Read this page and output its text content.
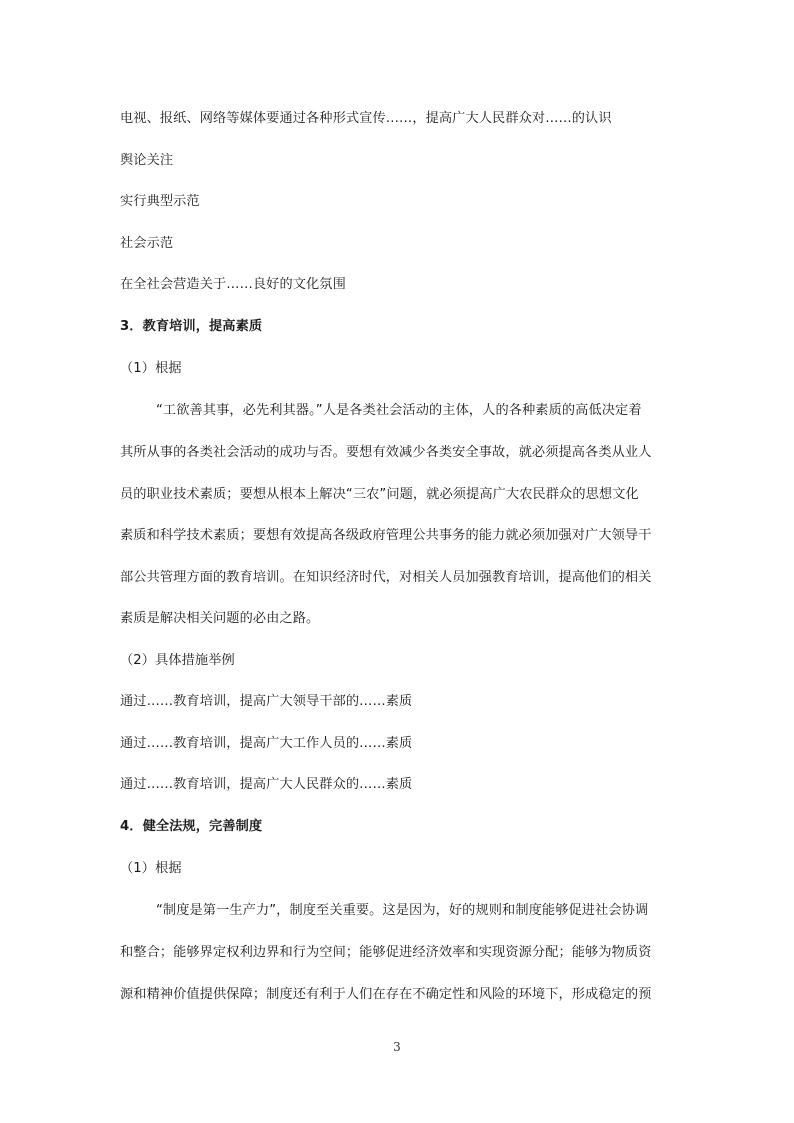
电视、报纸、网络等媒体要通过各种形式宣传……，提高广大人民群众对……的认识
舆论关注
实行典型示范
社会示范
在全社会营造关于……良好的文化氛围
3．教育培训，提高素质
（1）根据
“工欲善其事，必先利其器。”人是各类社会活动的主体，人的各种素质的高低决定着
其所从事的各类社会活动的成功与否。要想有效减少各类安全事故，就必须提高各类从业人
员的职业技术素质；要想从根本上解决“三农”问题，就必须提高广大农民群众的思想文化
素质和科学技术素质；要想有效提高各级政府管理公共事务的能力就必须加强对广大领导干
部公共管理方面的教育培训。在知识经济时代，对相关人员加强教育培训，提高他们的相关
素质是解决相关问题的必由之路。
（2）具体措施举例
通过……教育培训，提高广大领导干部的……素质
通过……教育培训，提高广大工作人员的……素质
通过……教育培训，提高广大人民群众的……素质
4．健全法规，完善制度
（1）根据
“制度是第一生产力”，制度至关重要。这是因为，好的规则和制度能够促进社会协调
和整合；能够界定权利边界和行为空间；能够促进经济效率和实现资源分配；能够为物质资
源和精神价值提供保障；制度还有利于人们在存在不确定性和风险的环境下，形成稳定的预
3
